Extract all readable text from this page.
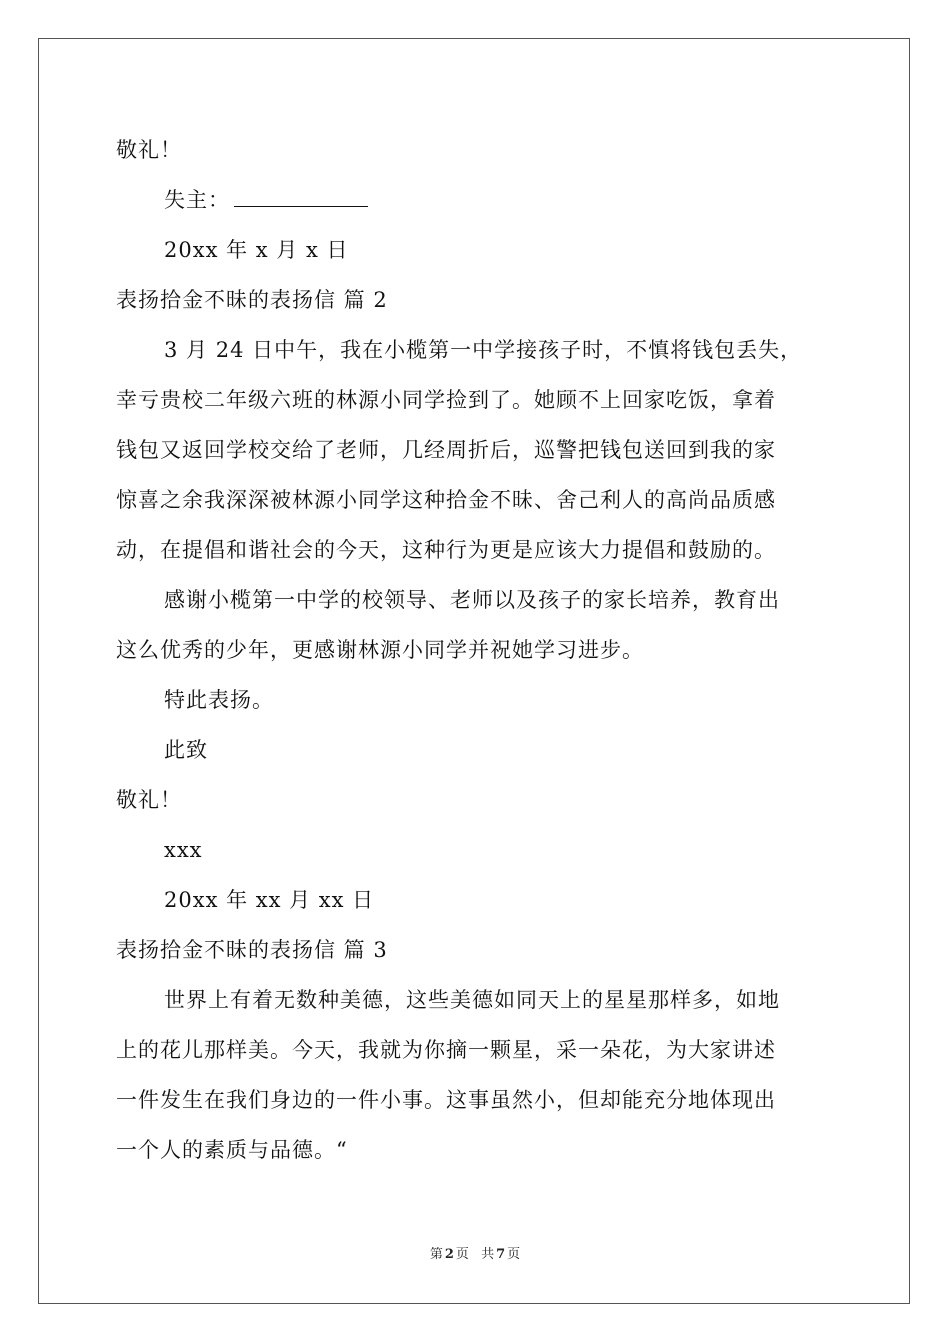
敬礼！
失主：
20xx 年 x 月 x 日
表扬拾金不昧的表扬信 篇 2
3 月 24 日中午，我在小榄第一中学接孩子时，不慎将钱包丢失，
幸亏贵校二年级六班的林源小同学捡到了。她顾不上回家吃饭，拿着
钱包又返回学校交给了老师，几经周折后，巡警把钱包送回到我的家
惊喜之余我深深被林源小同学这种拾金不昧、舍己利人的高尚品质感
动，在提倡和谐社会的今天，这种行为更是应该大力提倡和鼓励的。
感谢小榄第一中学的校领导、老师以及孩子的家长培养，教育出
这么优秀的少年，更感谢林源小同学并祝她学习进步。
特此表扬。
此致
敬礼！
xxx
20xx 年 xx 月 xx 日
表扬拾金不昧的表扬信 篇 3
世界上有着无数种美德，这些美德如同天上的星星那样多，如地
上的花儿那样美。今天，我就为你摘一颗星，采一朵花，为大家讲述
一件发生在我们身边的一件小事。这事虽然小，但却能充分地体现出
一个人的素质与品德。“
第 2 页 共 7 页
